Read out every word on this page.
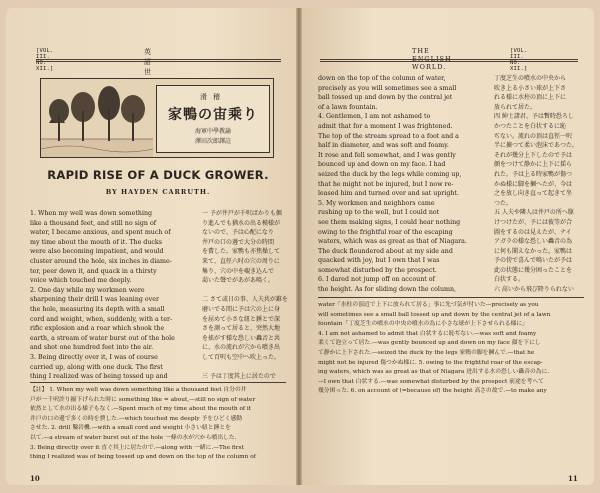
[VOL. III. NO. XII.]
英 語 世
滑稽
家鴨の宙乘り
海軍中學教諭
澤田次郎譯註
RAPID RISE OF A DUCK GROWER.
BY HAYDEN CARRUTH.
1. When my well was down something
like a thousand feet, and still no sign of
water, I became anxious, and spent much of
my time about the mouth of it. The ducks
were also becoming impatient, and would
cluster around the hole, six inches in diame-
ter, peer down it, and quack in a thirsty
voice which touched me deeply.
2. One day while my workmen were
sharpening their drill I was leaning over
the hole, measuring its depth with a small
cord and weight, when, suddenly, with a ter-
rific explosion and a roar which shook the
earth, a stream of water burst out of the hole
and shot one hundred feet into the air.
3. Being directly over it, I was of course
carried up, along with one duck. The first
thing I realized was of being tossed up and
一 予が井戸が千呎ばかりも掘
り進んでも猶水の出る模様が
ないので、予は心配になり
井戸の口の邊で大分の時間
を費した。家鴨も亦焦燥して
来て、直徑六吋の穴の周りに
集り、穴の中を覗き込んで
渇いた聲でがあがあ鳴く。
二 さて或日の事、人夫共が錐を
磨いでる間に予は穴の上に身
を屈めて小さな紐と錘とで深
さを測って居ると、突然大地
を搖がす様な恐しい轟音と共
に、水の流れが穴から噴き出
して百呎も空中へ吹上った。
三 予は丁度其上に居たので
【註】 1. When my well was down something like a thousand feet 自分の井
戸が一千呎許り掘下げられた時に something like = about,—still no sign of water
依然として水の出る様子もなく.—Spent much of my time about the mouth of it
井戸の口の邊で多くの時を費した.—which touched me deeply 予をひどく感動
させた. 2. drill 鑿岩機.—with a small cord and weight 小さい紐と錘とを
以て.—a stream of water burst out of the hole 一條の水が穴から噴出した.
3. Being directly over it 直ぐ其上に居たので.—along with 一緒に.—The first
thing I realized was of being tossed up and down on the top of the column of
10
THE ENGLISH WORLD.
[VOL. III. NO. XII.]
down on the top of the column of water,
precisely as you will sometimes see a small
ball tossed up and down by the central jet
of a lawn fountain.
4. Gentlemen, I am not ashamed to
admit that for a moment I was frightened.
The top of the stream spread to a foot and a
half in diameter, and was soft and foamy.
It rose and fell somewhat, and I was gently
bounced up and down on my face. I had
seized the duck by the legs while coming up,
that he might not be injured, but I now re-
leased him and turned over and sat upright.
5. My workmen and neighbors came
rushing up to the well, but I could not
see them making signs, I could hear nothing
owing to the frightful roar of the escaping
waters, which was as great as that of Niagara.
The duck floundered about at my side and
quacked with joy, but I own that I was
somewhat disturbed by the prospect.
6. I dared not jump off on account of
the height. As for sliding down the column,
丁度芝生の噴水の中央から
吹き上る小さい球が上下さ
れる様に水柱の頂に上下に
放られて居た。
四 紳士諸君、予は暫時恐ろし
かつたことを白状するに恥
ぢない。流れの頂は直徑一呎
半に擴つて柔い泡沫であつた。
それが幾分上下したので予は
顔をつけて静かに上下に揺ら
れた。予は上る時家鴨が傷つ
かぬ様に脚を摑へたが、今は
之を放し向き直って起きて坐
つた。
五 人夫や隣人は井戸の所へ駆
けつけたが、予には彼等が合
圖をするのは見えたが、ナイ
アガラの様な恐しい轟音の為
に何も聞えなかった。家鴨は
予の傍で喜んで鳴いたが予は
此の状態に幾分困ったことを
白状する。
六 高いから飛び降りられない
water「水柱の頂辺で上下に放られて居る」事に先づ気が付いた—precisely as you
will sometimes see a small ball tossed up and down by the central jet of a lawn
fountain「丁度芝生の噴水の中央の噴水の為に小さな球が上下させられる様に」
4. I am not ashamed to admit that 白状するに恥ぢない.—was soft and foamy
柔くて泡立って居た.—was gently bounced up and down on my face 顔を下にし
て静かに上下された.—seized the duck by the legs 家鴨の脚を摑んで.—that he
might not be injured 傷つかぬ様に. 5. owing to the frightful roar of the escap-
ing waters, which was as great as that of Niagara 迸出する水の恐しい轟音の為に.
—I own that 白状する.—was somewhat disturbed by the prospect 前途を考へて
幾分困った. 6. on account of (=because of) the height 高さの故で.—to make any
11
